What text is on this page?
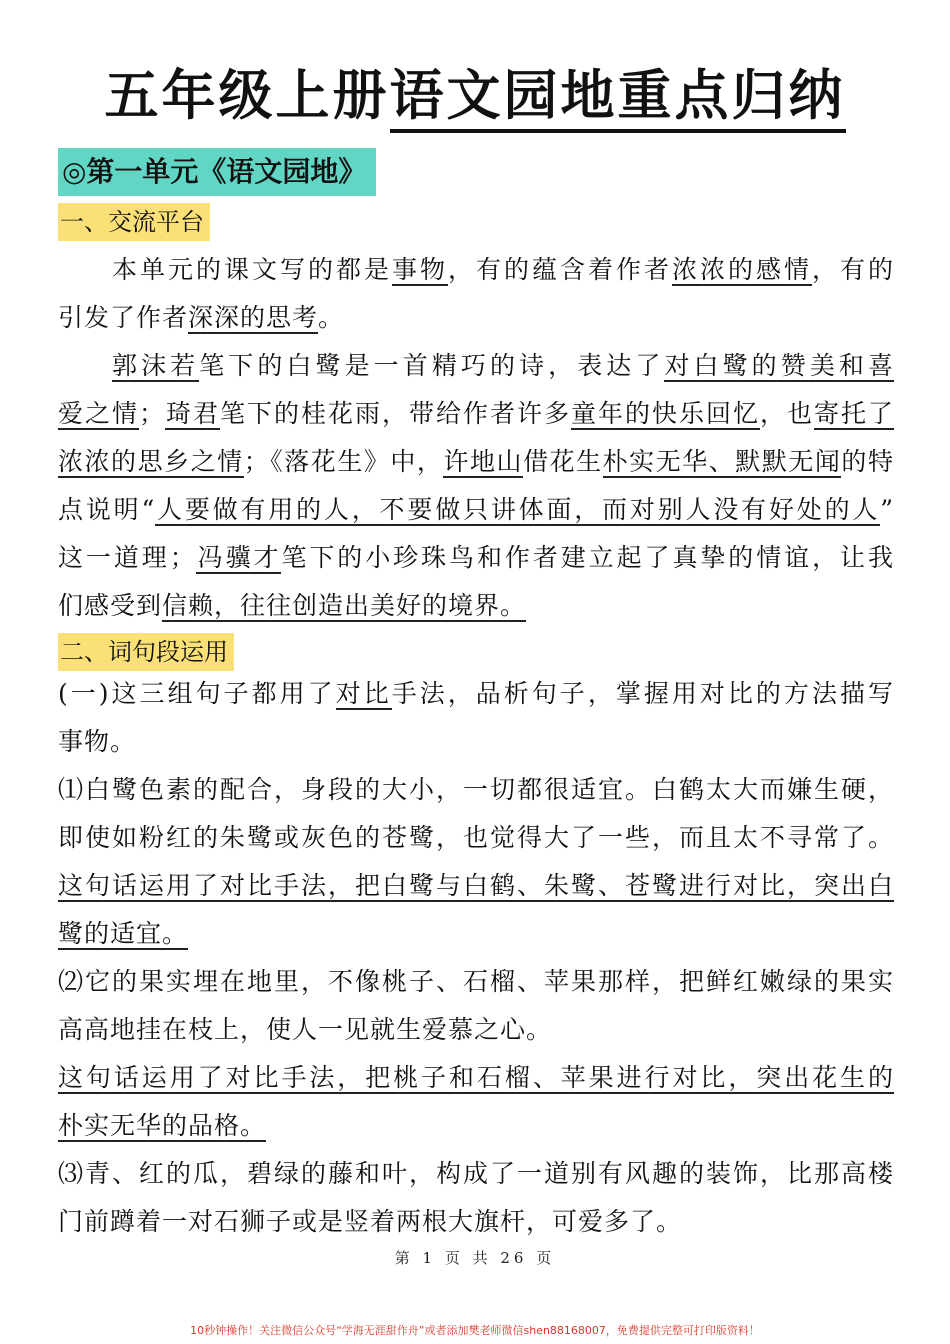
五年级上册语文园地重点归纳
◎第一单元《语文园地》
一、交流平台
本单元的课文写的都是事物，有的蕴含着作者浓浓的感情，有的
引发了作者深深的思考。
郭沫若笔下的白鹭是一首精巧的诗，表达了对白鹭的赞美和喜
爱之情；琦君笔下的桂花雨，带给作者许多童年的快乐回忆，也寄托了
浓浓的思乡之情；《落花生》中，许地山借花生朴实无华、默默无闻的特
点说明“人要做有用的人，不要做只讲体面，而对别人没有好处的人”
这一道理；冯骥才笔下的小珍珠鸟和作者建立起了真挚的情谊，让我
们感受到信赖，往往创造出美好的境界。
二、词句段运用
(一)这三组句子都用了对比手法，品析句子，掌握用对比的方法描写
事物。
⑴白鹭色素的配合，身段的大小，一切都很适宜。白鹤太大而嫌生硬，
即使如粉红的朱鹭或灰色的苍鹭，也觉得大了一些，而且太不寻常了。
这句话运用了对比手法，把白鹭与白鹤、朱鹭、苍鹭进行对比，突出白
鹭的适宜。
⑵它的果实埋在地里，不像桃子、石榴、苹果那样，把鲜红嫩绿的果实
高高地挂在枝上，使人一见就生爱慕之心。
这句话运用了对比手法，把桃子和石榴、苹果进行对比，突出花生的
朴实无华的品格。
⑶青、红的瓜，碧绿的藤和叶，构成了一道别有风趣的装饰，比那高楼
门前蹲着一对石狮子或是竖着两根大旗杆，可爱多了。
第 1 页 共 26 页
10秒钟操作！关注微信公众号“学海无涯甜作舟”或者添加樊老师微信shen88168007，免费提供完整可打印版资料！
